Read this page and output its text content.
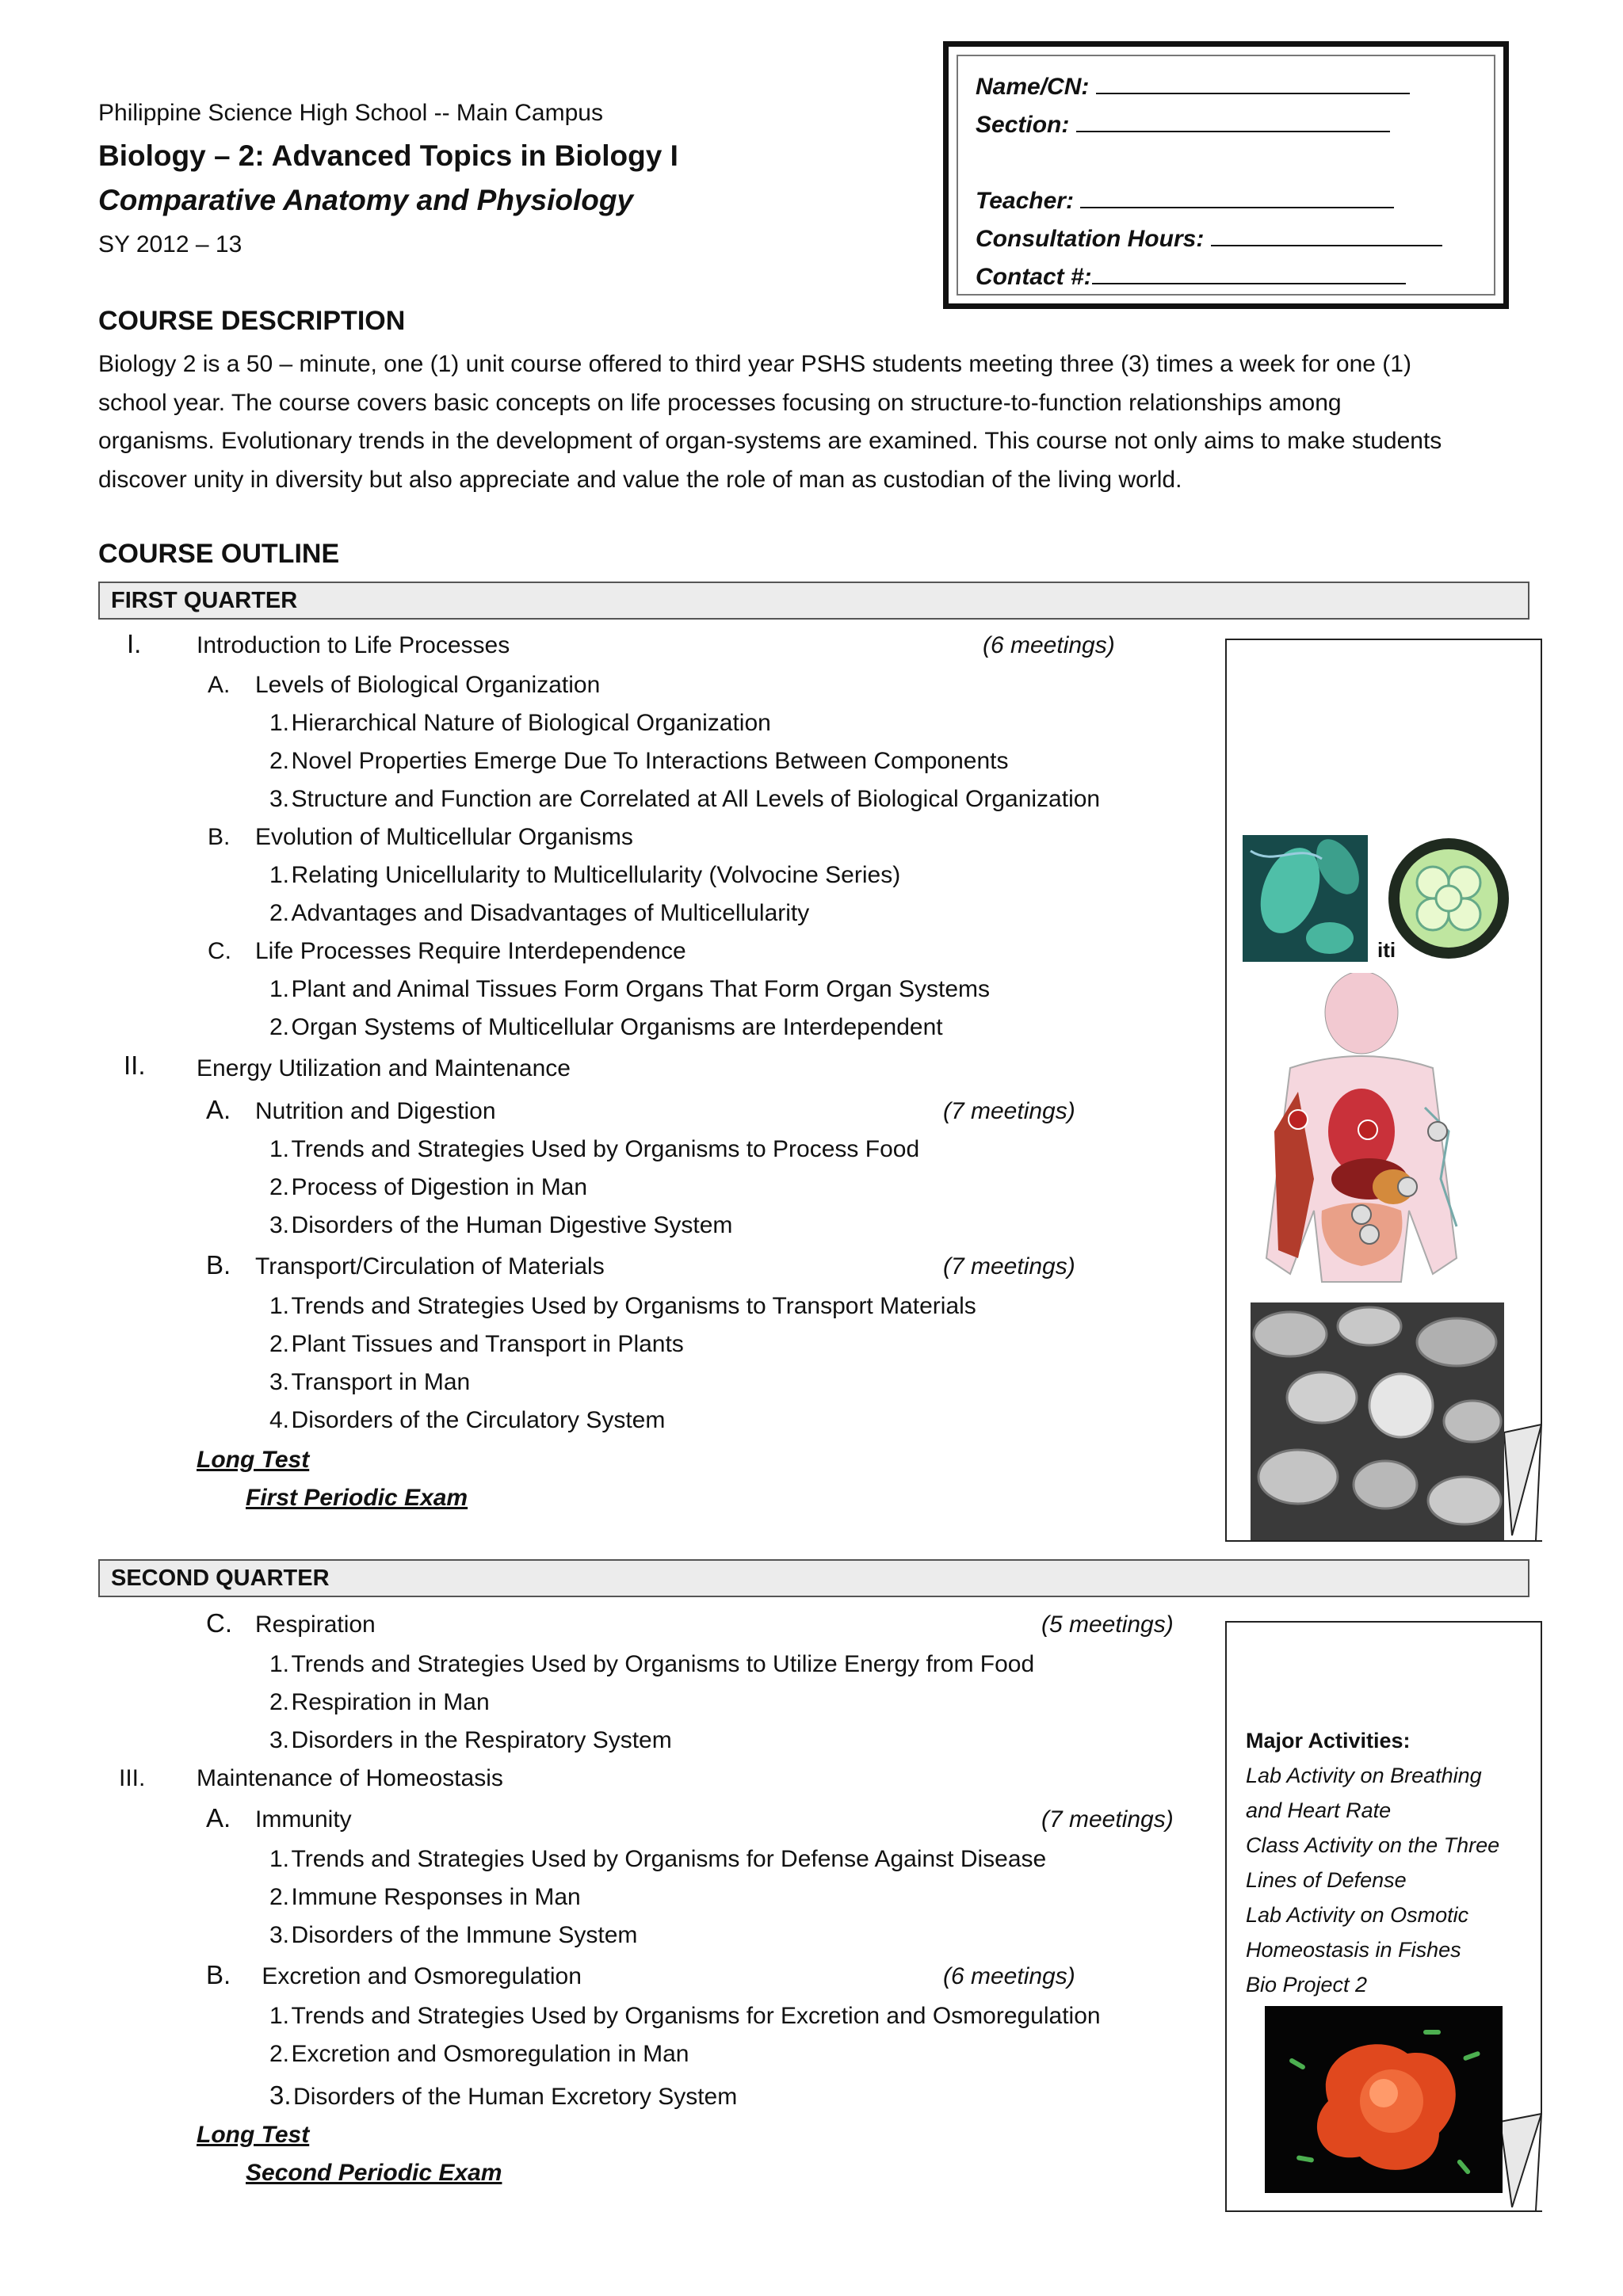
Philippine Science High School -- Main Campus
Biology – 2: Advanced Topics in Biology I
Comparative Anatomy and Physiology
SY 2012 – 13
Name/CN:
Section:
Teacher:
Consultation Hours:
Contact #:
COURSE DESCRIPTION

Biology 2 is a 50 – minute, one (1) unit course offered to third year PSHS students meeting three (3) times a week for one (1)

school year. The course covers basic concepts on life processes focusing on structure-to-function relationships among

organisms. Evolutionary trends in the development of organ-systems are examined. This course not only aims to make students

discover unity in diversity but also appreciate and value the role of man as custodian of the living world.

COURSE OUTLINE
FIRST QUARTER
I. Introduction to Life Processes	(6 meetings)
A. Levels of Biological Organization
1. Hierarchical Nature of Biological Organization
2. Novel Properties Emerge Due To Interactions Between Components
3. Structure and Function are Correlated at All Levels of Biological Organization
B. Evolution of Multicellular Organisms
1. Relating Unicellularity to Multicellularity (Volvocine Series)
2. Advantages and Disadvantages of Multicellularity
C. Life Processes Require Interdependence
1. Plant and Animal Tissues Form Organs That Form Organ Systems
2. Organ Systems of Multicellular Organisms are Interdependent
II. Energy Utilization and Maintenance
A. Nutrition and Digestion	(7 meetings)
1. Trends and Strategies Used by Organisms to Process Food
2. Process of Digestion in Man
3. Disorders of the Human Digestive System
B. Transport/Circulation of Materials	(7 meetings)
1. Trends and Strategies Used by Organisms to Transport Materials
2. Plant Tissues and Transport in Plants
3. Transport in Man
4. Disorders of the Circulatory System
Long Test
First Periodic Exam
iti
SECOND QUARTER
C. Respiration	(5 meetings)
1. Trends and Strategies Used by Organisms to Utilize Energy from Food
2. Respiration in Man
3. Disorders in the Respiratory System
III. Maintenance of Homeostasis
A. Immunity	(7 meetings)
1. Trends and Strategies Used by Organisms for Defense Against Disease
2. Immune Responses in Man
3. Disorders of the Immune System
B. Excretion and Osmoregulation	(6 meetings)
1. Trends and Strategies Used by Organisms for Excretion and Osmoregulation
2. Excretion and Osmoregulation in Man
3. Disorders of the Human Excretory System
Long Test
Second Periodic Exam
Major Activities:
Lab Activity on Breathing
and Heart Rate
Class Activity on the Three
Lines of Defense
Lab Activity on Osmotic
Homeostasis in Fishes
Bio Project 2
